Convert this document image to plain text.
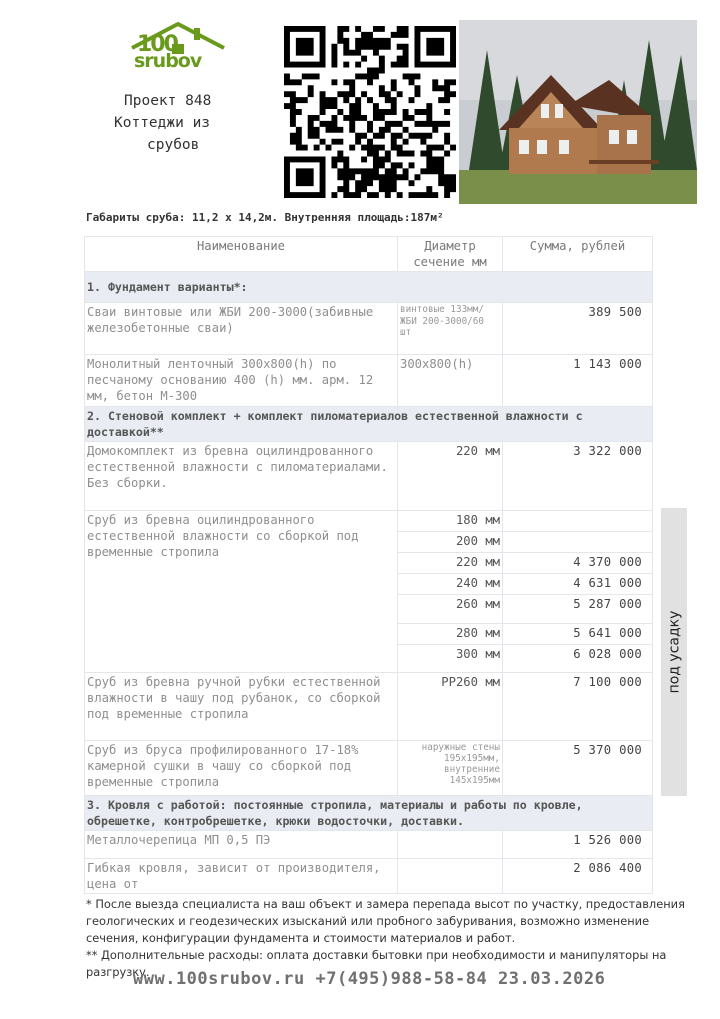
100
srubov
Проект 848
Коттеджи из
срубов
Габариты сруба: 11,2 х 14,2м. Внутренняя площадь:187м²
Наименование	Диаметр сечение мм	Сумма, рублей
1. Фундамент варианты*:		
Сваи винтовые или ЖБИ 200-3000(забивные железобетонные сваи)	винтовые 133мм/ЖБИ 200-3000/60 шт	389 500
Монолитный ленточный 300х800(h) по песчаному основанию 400 (h) мм. арм. 12 мм, бетон М-300	300х800(h)	1 143 000
2. Стеновой комплект + комплект пиломатериалов естественной влажности с доставкой**		
Домокомплект из бревна оцилиндрованного естественной влажности с пиломатериалами. Без сборки.	220 мм	3 322 000
Сруб из бревна оцилиндрованного естественной влажности со сборкой под временные стропила	180 мм	
	200 мм	
	220 мм	4 370 000
	240 мм	4 631 000
	260 мм	5 287 000
	280 мм	5 641 000
	300 мм	6 028 000
Сруб из бревна ручной рубки естественной влажности в чашу под рубанок, со сборкой под временные стропила	РР260 мм	7 100 000
Сруб из бруса профилированного 17-18% камерной сушки в чашу со сборкой под временные стропила	наружные стены 195х195мм, внутренние 145х195мм	5 370 000
3. Кровля с работой: постоянные стропила, материалы и работы по кровле, обрешетке, контробрешетке, крюки водосточки, доставки.		
Металлочерепица МП 0,5 ПЭ		1 526 000
Гибкая кровля, зависит от производителя, цена от		2 086 400
под усадку
* После выезда специалиста на ваш объект и замера перепада высот по участку, предоставления геологических и геодезических изысканий или пробного забуривания, возможно изменение сечения, конфигурации фундамента и стоимости материалов и работ.
** Дополнительные расходы: оплата доставки бытовки при необходимости и манипуляторы на разгрузку.
www.100srubov.ru +7(495)988-58-84 23.03.2026
